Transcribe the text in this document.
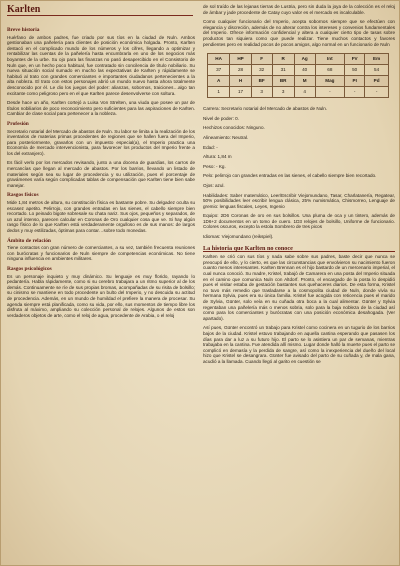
Karlten
Breve historia

Huérfano de ambos padres, fue criado por sus tíos en la ciudad de Nuln. Ambos gestionaban una pañelería para clientes de posición económica holgada. Pronto, Karlten destacó en el complicado mundo de los números y los cifres, llegando a optimizar y rentabilizar las cuentas de la pañelería hasta encumbrarla en uno de los negocios más boyantes de la urbe. Su ojo para las finanzas no pasó desapercibido en el Consistorio de Nuln que, en un hecho poco habitual, fue contratado sin concilencia de título nobiliario. Su nueva situación social sumado en mucho las expectativas de Karlten y rápidamente se habituó al trato con grandes comerciantes e importantes ciudadanos pertenecientes a la alta nobleza. El trato con estos personajes abrió un mundo nuevo hasta ahora totalmente desconocido por él. Le dio los juegos del poder: alianzas, sobornos, traiciones…algo tan excitante como peligroso pero en el que Karlten parece desenvolverse con soltura.

Desde hace un año, Karlten cortejó a Luisa Von Strelten, una viuda que posee un par de títulos nobiliarios de poco reconocimiento pero suficientes para las aspiraciones de Karlten. Cambiar de clase social para pertenecer a la nobleza.

Profesión

Secretario notarial del Mercado de abastos de Nuln. Su labor se limita a la realización de los inventarios de materias primas procedentes de regiones que se hallen fuera del Imperio, para posteriormente, gravarlos con un impuesto especial(a), el Imperio practica una Economía de mercado intervencionista, para favorecer los productos del Imperio frente a los del extranjero).

Es fácil verlo por los mercados revisando, junto a una docena de guardias, los carros de mercancías que llegan al mercado de abastos. Por los barrios, llevando un listado de materiales según sea su lugar de procedencia y su utilización, pues el porcentaje de gravámenes varía según complicadas tablas de compensación que Karlten tiene bien sabe manejar.

Rasgos físicos

Mide 1,84 metros de altura, su constitución física es bastante pobre. Su delgadez oculta su escasez apetito. Pelirrojo, con grandes entradas en las sienes, el cabello siempre bien recortado. Lo peinado bigote sobresale su chata nariz. Sus ojos, pequeños y separados, de un azul intenso, parecen calcular en Coronas de Oro cualquier cosa que ve. Si hay algún rasgo físico de lo que Karlten está verdaderamente orgulloso es de sus manos: de largos dedos y muy estilizadas, óptimas para contar…sobre todo monedas.

Ámbito de relación

Tiene contactos con gran número de comerciantes, a su vez, también frecuenta reuniones con burócratas y funcionarios de Nuln siempre de competencias económicas. No tiene ninguna influencia en ambientes militares.

Rasgos psicológicos

Es un personaje inquieto y muy dinámico. Su lenguaje es muy florido, rayando lo pedantería. Habla rápidamente, como si su cerebro trabajara a un ritmo superior al de los demás. Continuamente se ríe de sus propias bromas, acompañadas de su risita de bolsillo; su cinismo se mantiene en todo procedente un bulto del Imperio, y no descuida su actitud de procedencia. Además, en un mundo de humildad el prefiere la manera de procesar. Su agenda siempre está planificada, como su vida, por ello, sus momentos de tiempo libre los disfruta al máximo, ampliando su colección personal de relojes. Algunos de estos son verdaderos objetos de arte, como el reloj de agua, procedente de Arabia, o el reloj

de sol traído de las lejanas tierras de Lustria, pero sin duda la joya de la colección es el reloj de ámbar y jade procedente de Catay cuyo valor es el mercado es incalculable.

Como cualquier funcionario del Imperio, acepta sobornos siempre que se efectúen con elegancia y discreción, además de no alterar contra los intereses y convenios fundamentales del Imperio. Ofrece información confidencial y altera a cualquier cierto tipo de tasas sobre productos tan siquiera como que puede realizar. Tiene muchos contactos y favores pendientes pero en realidad pocos de pocos amigos, algo normal en un funcionario de Nuln

HA	HP	F	R	Ag	Int	FV	Em
37	28	32	31	40	68	50	54
A	H	BF	BR	M	Mag	PI	Pd
1	17	3	3	4	-	-	-

Carrera: Secretario notarial del Mercado de abastos de Nuln.

Nivel de poder: 0.

Hechizos conocidos: Ninguno.

Alineamiento: Neutral.

Edad: -

Altura: 1,84 m

Peso: - Kg.

Pelo: pelirrojo con grandes entradas en las sienes, el cabello siempre bien recortado.

Ojos: azul.

Habilidades: Saber matemático, Leer/Escribir Viejomundano, Tasar, Charlatanería, Regatear, 50% posibilidades leer escribir lengua clásica, 25% numismática, Chismorreo, Lenguaje de gremio: lenguas fiscales, Leyes, Ingenio

Equipo: 2D6 Coronas de oro en sus bolsillos. Una pluma de oca y un tintero, además de 1D6+2 documentos en un tomo de cuero. 1D3 relojes de bolsillo, Uniforme de funcionario. Colores oscuros, excepto la estola Sombrero de tres picos

Idiomas: Viejomundano (reikspiel).

La historia que Karlten no conoce

Karlten se crió con sus tíos y nada sabe sobre sus padres, baste decir que nunca se preocupó de ello, y lo cierto, es que las circunstancias que envolvieron su nacimiento fueron cuanto menos interesantes. Karlten Brennan es el hijo bastardo de un mercenario imperial, el cual nunca conoció. Su madre, Kristel, trabajó de Camarera en una posta del Imperio situada en el camino que comunica Nuln con Altdorf. Pronto, el encargado de la posta lo despidió pues el visitar estaba de gestación bastantes sus quehaceres diarios. De esta forma, Kristel no tuvo más remedio que trasladarse a la cosmopolita ciudad de Nuln, donde vivía su hermana Sylvia, pues era su única familia. Kristel fue acogida con reticencia pues el marido de Sylvia, Günter, solo veía en su cuñada otra boca a la cual alimentar. Günter y Sylvia regentaban una pañelería más o menos sobria, solo para la baja nobleza de la ciudad así como para los comerciantes y burócratas con una posición económica desahogada. (Ver apartado).

Así pues, Günter encontró un trabajo para Kristel como cocinera en un tugurio de los barrios bajos de la ciudad. Kristel estuvo trabajando en aquella cantina esperando que pasasen los días para dar a luz a su futuro hijo. El parto se lo asistiera un par de semanas, mientras trabajaba en la cantina. Fue atendida allí mismo. Lugar donde halló la muerte pues el parto se complicó en demasía y la perdida de sangre, así como la inexperiencia del dueño del local hizo que Kristel se desangrara. Günter fue avisado del parto de su cuñada y, de mala gana, acudió a la llamada. Cuando llegó al garito en cuestión se
